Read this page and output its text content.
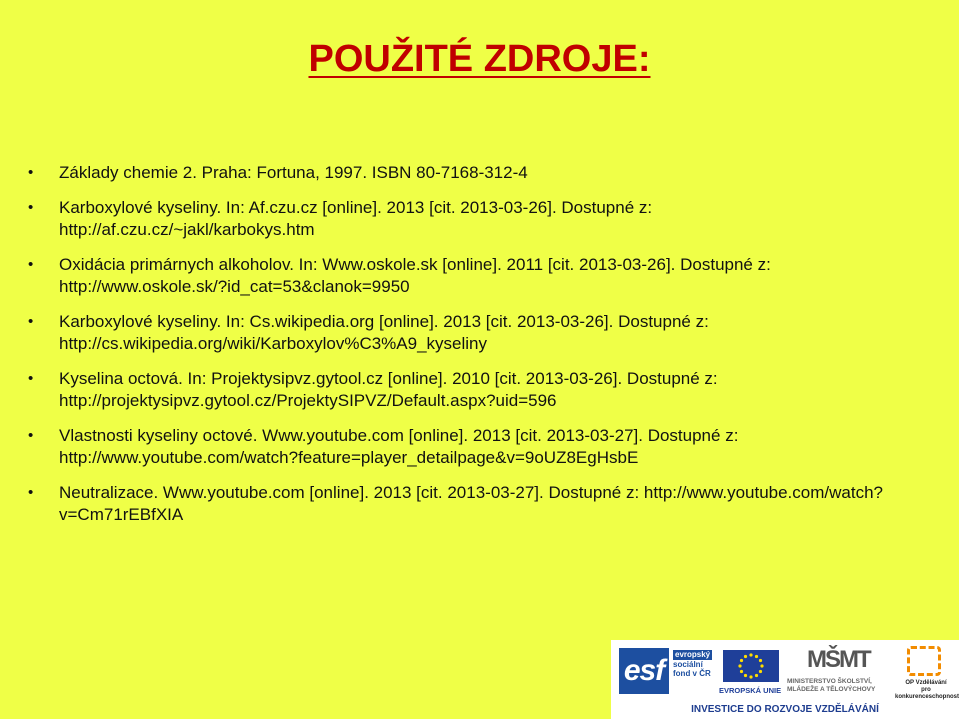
POUŽITÉ ZDROJE:
• Základy chemie 2. Praha: Fortuna, 1997. ISBN 80-7168-312-4
• Karboxylové kyseliny. In: Af.czu.cz [online]. 2013 [cit. 2013-03-26]. Dostupné z:
http://af.czu.cz/~jakl/karbokys.htm
• Oxidácia primárnych alkoholov. In: Www.oskole.sk [online]. 2011 [cit. 2013-03-26]. Dostupné z:
http://www.oskole.sk/?id_cat=53&clanok=9950
• Karboxylové kyseliny. In: Cs.wikipedia.org [online]. 2013 [cit. 2013-03-26]. Dostupné z:
http://cs.wikipedia.org/wiki/Karboxylov%C3%A9_kyseliny
• Kyselina octová. In: Projektysipvz.gytool.cz [online]. 2010 [cit. 2013-03-26]. Dostupné z:
http://projektysipvz.gytool.cz/ProjektySIPVZ/Default.aspx?uid=596
• Vlastnosti kyseliny octové. Www.youtube.com [online]. 2013 [cit. 2013-03-27]. Dostupné z:
http://www.youtube.com/watch?feature=player_detailpage&v=9oUZ8EgHsbE
• Neutralizace. Www.youtube.com [online]. 2013 [cit. 2013-03-27]. Dostupné z: http://www.youtube.com/watch?
v=Cm71rEBfXIA
esf	evropský
sociální
fond v ČR
EVROPSKÁ UNIE
MŠMT
MINISTERSTVO ŠKOLSTVÍ,
MLÁDEŽE A TĚLOVÝCHOVY
OP Vzdělávání
pro konkurenceschopnost
INVESTICE DO ROZVOJE VZDĚLÁVÁNÍ
